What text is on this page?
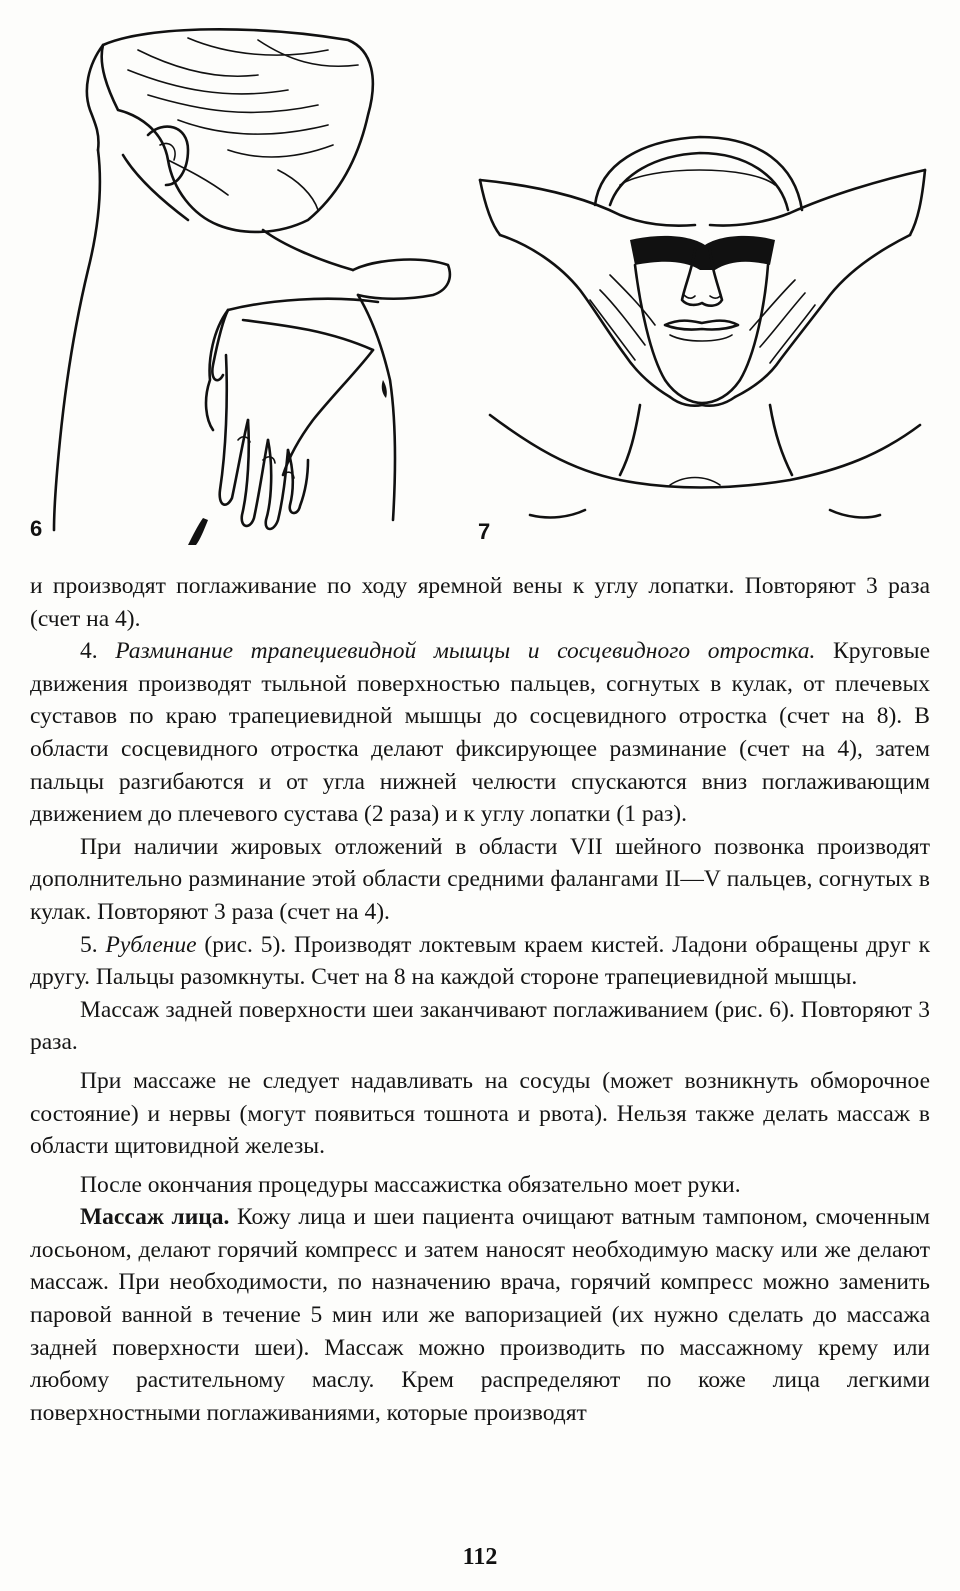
6	7

и производят поглаживание по ходу яремной вены к углу лопатки. Повторяют 3 раза (счет на 4).

4. Разминание трапециевидной мышцы и сосцевидного отростка. Круговые движения производят тыльной поверхностью пальцев, согнутых в кулак, от плечевых суставов по краю трапециевидной мышцы до сосцевидного отростка (счет на 8). В области сосцевидного отростка делают фиксирующее разминание (счет на 4), затем пальцы разгибаются и от угла нижней челюсти спускаются вниз поглаживающим движением до плечевого сустава (2 раза) и к углу лопатки (1 раз).

При наличии жировых отложений в области VII шейного позвонка производят дополнительно разминание этой области средними фалангами II—V пальцев, согнутых в кулак. Повторяют 3 раза (счет на 4).

5. Рубление (рис. 5). Производят локтевым краем кистей. Ладони обращены друг к другу. Пальцы разомкнуты. Счет на 8 на каждой стороне трапециевидной мышцы.

Массаж задней поверхности шеи заканчивают поглаживанием (рис. 6). Повторяют 3 раза.

При массаже не следует надавливать на сосуды (может возникнуть обморочное состояние) и нервы (могут появиться тошнота и рвота). Нельзя также делать массаж в области щитовидной железы.

После окончания процедуры массажистка обязательно моет руки.

Массаж лица. Кожу лица и шеи пациента очищают ватным тампоном, смоченным лосьоном, делают горячий компресс и затем наносят необходимую маску или же делают массаж. При необходимости, по назначению врача, горячий компресс можно заменить паровой ванной в течение 5 мин или же вапоризацией (их нужно сделать до массажа задней поверхности шеи). Массаж можно производить по массажному крему или любому растительному маслу. Крем распределяют по коже лица легкими поверхностными поглаживаниями, которые производят

112
